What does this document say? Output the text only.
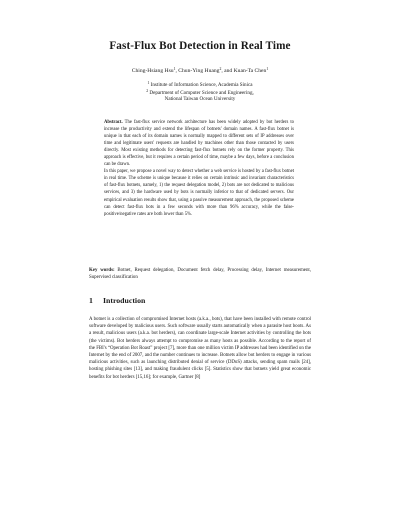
Fast-Flux Bot Detection in Real Time
Ching-Hsiang Hsu$^1$, Chun-Ying Huang$^2$, and Kuan-Ta Chen$^1$
$^1$ Institute of Information Science, Academia Sinica
$^2$ Department of Computer Science and Engineering,
National Taiwan Ocean University

Abstract. The fast-flux service network architecture has been widely adopted by bot herders to increase the productivity and extend the lifespan of botnets' domain names. A fast-flux botnet is unique in that each of its domain names is normally mapped to different sets of IP addresses over time and legitimate users' requests are handled by machines other than those contacted by users directly. Most existing methods for detecting fast-flux botnets rely on the former property. This approach is effective, but it requires a certain period of time, maybe a few days, before a conclusion can be drawn.

In this paper, we propose a novel way to detect whether a web service is hosted by a fast-flux botnet in real time. The scheme is unique because it relies on certain intrinsic and invariant characteristics of fast-flux botnets, namely, 1) the request delegation model, 2) bots are not dedicated to malicious services, and 3) the hardware used by bots is normally inferior to that of dedicated servers. Our empirical evaluation results show that, using a passive measurement approach, the proposed scheme can detect fast-flux bots in a few seconds with more than 96% accuracy, while the false-positive/negative rates are both lower than 5%.

Key words: Botnet, Request delegation, Document fetch delay, Processing delay, Internet measurement, Supervised classification
1 Introduction

A botnet is a collection of compromised Internet hosts (a.k.a., bots), that have been installed with remote control software developed by malicious users. Such software usually starts automatically when a parasite host boots. As a result, malicious users (a.k.a. bot herders), can coordinate large-scale Internet activities by controlling the bots (the victims). Bot herders always attempt to compromise as many hosts as possible. According to the report of the FBI's “Operation Bot Roast” project [7], more than one million victim IP addresses had been identified on the Internet by the end of 2007, and the number continues to increase. Botnets allow bot herders to engage in various malicious activities, such as launching distributed denial of service (DDoS) attacks, sending spam mails [24], hosting phishing sites [13], and making fraudulent clicks [5]. Statistics show that botnets yield great economic benefits for bot herders [15,16]; for example, Gartner [8]
